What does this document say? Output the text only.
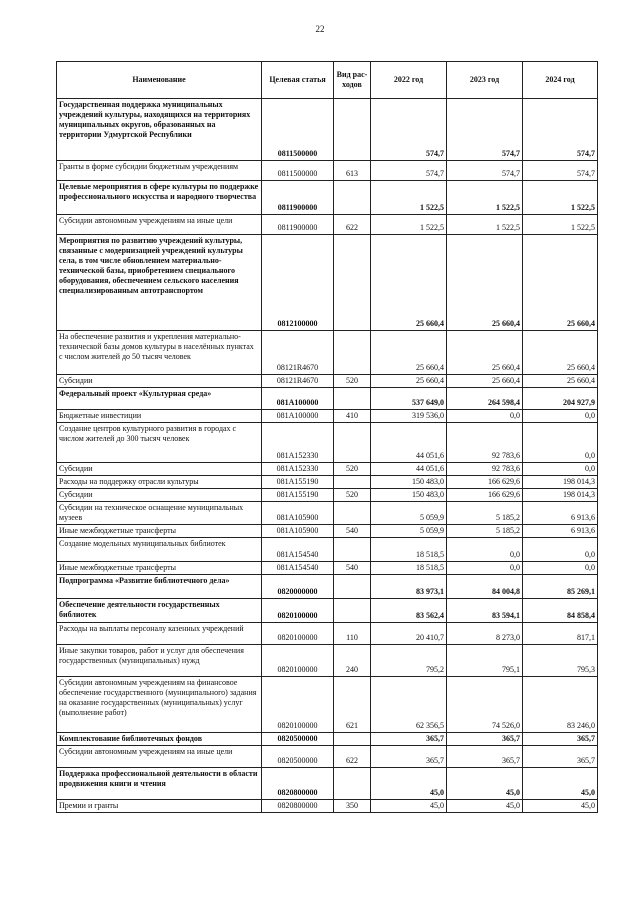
22
Наименование	Целевая статья	Вид рас-ходов	2022 год	2023 год	2024 год
Государственная поддержка муниципальных учреждений культуры, находящихся на территориях муниципальных округов, образованных на территории Удмуртской Республики	0811500000		574,7	574,7	574,7
Гранты в форме субсидии бюджетным учреждениям	0811500000	613	574,7	574,7	574,7
Целевые мероприятия в сфере культуры по поддержке профессионального искусства и народного творчества	0811900000		1 522,5	1 522,5	1 522,5
Субсидии автономным учреждениям на иные цели	0811900000	622	1 522,5	1 522,5	1 522,5
Мероприятия по развитию учреждений культуры, связанные с модернизацией учреждений культуры села, в том числе обновлением материально-технической базы, приобретением специального оборудования, обеспечением сельского населения специализированным автотранспортом	0812100000		25 660,4	25 660,4	25 660,4
На обеспечение развития и укрепления материально-технической базы домов культуры в населённых пунктах с числом жителей до 50 тысяч человек	08121R4670		25 660,4	25 660,4	25 660,4
Субсидии	08121R4670	520	25 660,4	25 660,4	25 660,4
Федеральный проект «Культурная среда»	081A100000		537 649,0	264 598,4	204 927,9
Бюджетные инвестиции	081A100000	410	319 536,0	0,0	0,0
Создание центров культурного развития в городах с числом жителей до 300 тысяч человек	081A152330		44 051,6	92 783,6	0,0
Субсидии	081A152330	520	44 051,6	92 783,6	0,0
Расходы на поддержку отрасли культуры	081A155190		150 483,0	166 629,6	198 014,3
Субсидии	081A155190	520	150 483,0	166 629,6	198 014,3
Субсидии на техническое оснащение муниципальных музеев	081A105900		5 059,9	5 185,2	6 913,6
Иные межбюджетные трансферты	081A105900	540	5 059,9	5 185,2	6 913,6
Создание модельных муниципальных библиотек	081A154540		18 518,5	0,0	0,0
Иные межбюджетные трансферты	081A154540	540	18 518,5	0,0	0,0
Подпрограмма «Развитие библиотечного дела»	0820000000		83 973,1	84 004,8	85 269,1
Обеспечение деятельности государственных библиотек	0820100000		83 562,4	83 594,1	84 858,4
Расходы на выплаты персоналу казенных учреждений	0820100000	110	20 410,7	8 273,0	817,1
Иные закупки товаров, работ и услуг для обеспечения государственных (муниципальных) нужд	0820100000	240	795,2	795,1	795,3
Субсидии автономным учреждениям на финансовое обеспечение государственного (муниципального) задания на оказание государственных (муниципальных) услуг (выполнение работ)	0820100000	621	62 356,5	74 526,0	83 246,0
Комплектование библиотечных фондов	0820500000		365,7	365,7	365,7
Субсидии автономным учреждениям на иные цели	0820500000	622	365,7	365,7	365,7
Поддержка профессиональной деятельности в области продвижения книги и чтения	0820800000		45,0	45,0	45,0
Премии и гранты	0820800000	350	45,0	45,0	45,0
